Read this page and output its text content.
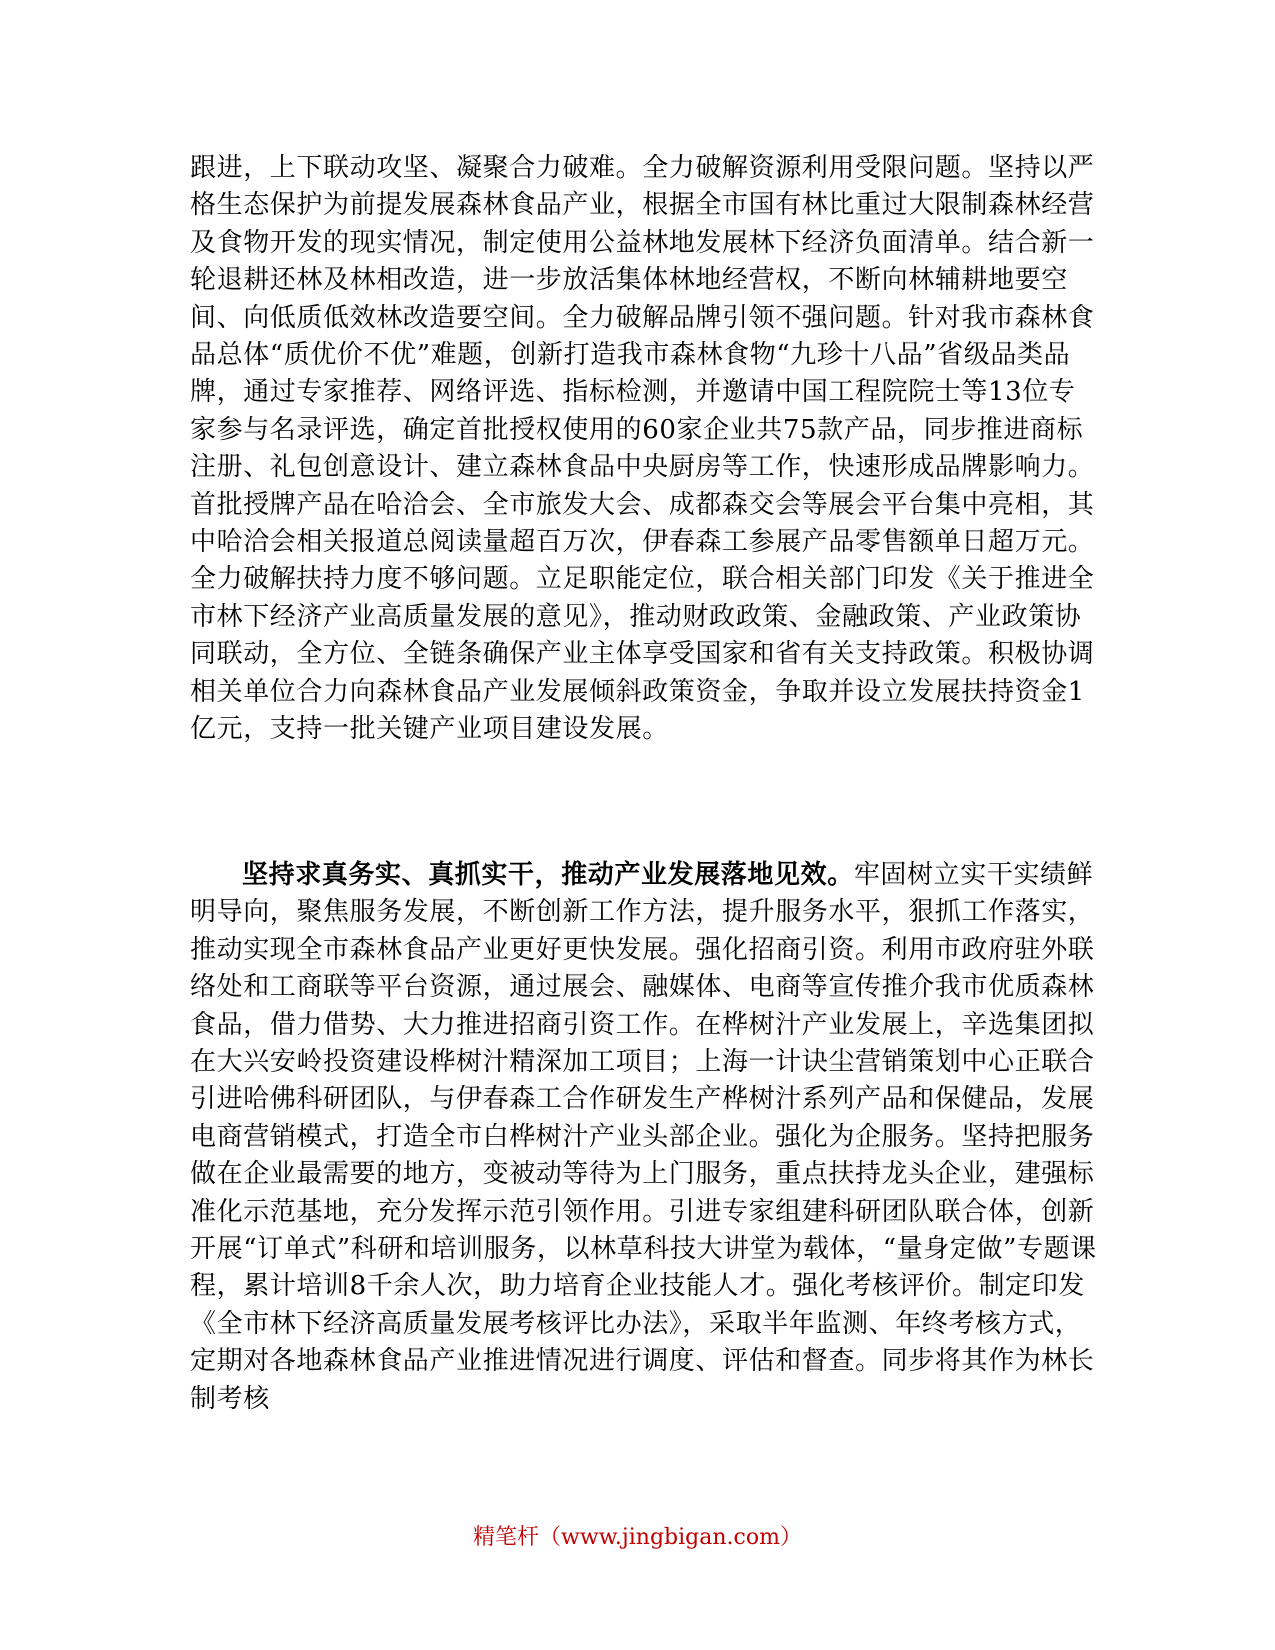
跟进，上下联动攻坚、凝聚合力破难。全力破解资源利用受限问题。坚持以严格生态保护为前提发展森林食品产业，根据全市国有林比重过大限制森林经营及食物开发的现实情况，制定使用公益林地发展林下经济负面清单。结合新一轮退耕还林及林相改造，进一步放活集体林地经营权，不断向林辅耕地要空间、向低质低效林改造要空间。全力破解品牌引领不强问题。针对我市森林食品总体“质优价不优”难题，创新打造我市森林食物“九珍十八品”省级品类品牌，通过专家推荐、网络评选、指标检测，并邀请中国工程院院士等13位专家参与名录评选，确定首批授权使用的60家企业共75款产品，同步推进商标注册、礼包创意设计、建立森林食品中央厨房等工作，快速形成品牌影响力。首批授牌产品在哈洽会、全市旅发大会、成都森交会等展会平台集中亮相，其中哈洽会相关报道总阅读量超百万次，伊春森工参展产品零售额单日超万元。全力破解扶持力度不够问题。立足职能定位，联合相关部门印发《关于推进全市林下经济产业高质量发展的意见》，推动财政政策、金融政策、产业政策协同联动，全方位、全链条确保产业主体享受国家和省有关支持政策。积极协调相关单位合力向森林食品产业发展倾斜政策资金，争取并设立发展扶持资金1亿元，支持一批关键产业项目建设发展。

坚持求真务实、真抓实干，推动产业发展落地见效。牢固树立实干实绩鲜明导向，聚焦服务发展，不断创新工作方法，提升服务水平，狠抓工作落实，推动实现全市森林食品产业更好更快发展。强化招商引资。利用市政府驻外联络处和工商联等平台资源，通过展会、融媒体、电商等宣传推介我市优质森林食品，借力借势、大力推进招商引资工作。在桦树汁产业发展上，辛选集团拟在大兴安岭投资建设桦树汁精深加工项目；上海一计诀尘营销策划中心正联合引进哈佛科研团队，与伊春森工合作研发生产桦树汁系列产品和保健品，发展电商营销模式，打造全市白桦树汁产业头部企业。强化为企服务。坚持把服务做在企业最需要的地方，变被动等待为上门服务，重点扶持龙头企业，建强标准化示范基地，充分发挥示范引领作用。引进专家组建科研团队联合体，创新开展“订单式”科研和培训服务，以林草科技大讲堂为载体，“量身定做”专题课程，累计培训8千余人次，助力培育企业技能人才。强化考核评价。制定印发《全市林下经济高质量发展考核评比办法》，采取半年监测、年终考核方式，定期对各地森林食品产业推进情况进行调度、评估和督查。同步将其作为林长制考核

精笔杆（www.jingbigan.com）
